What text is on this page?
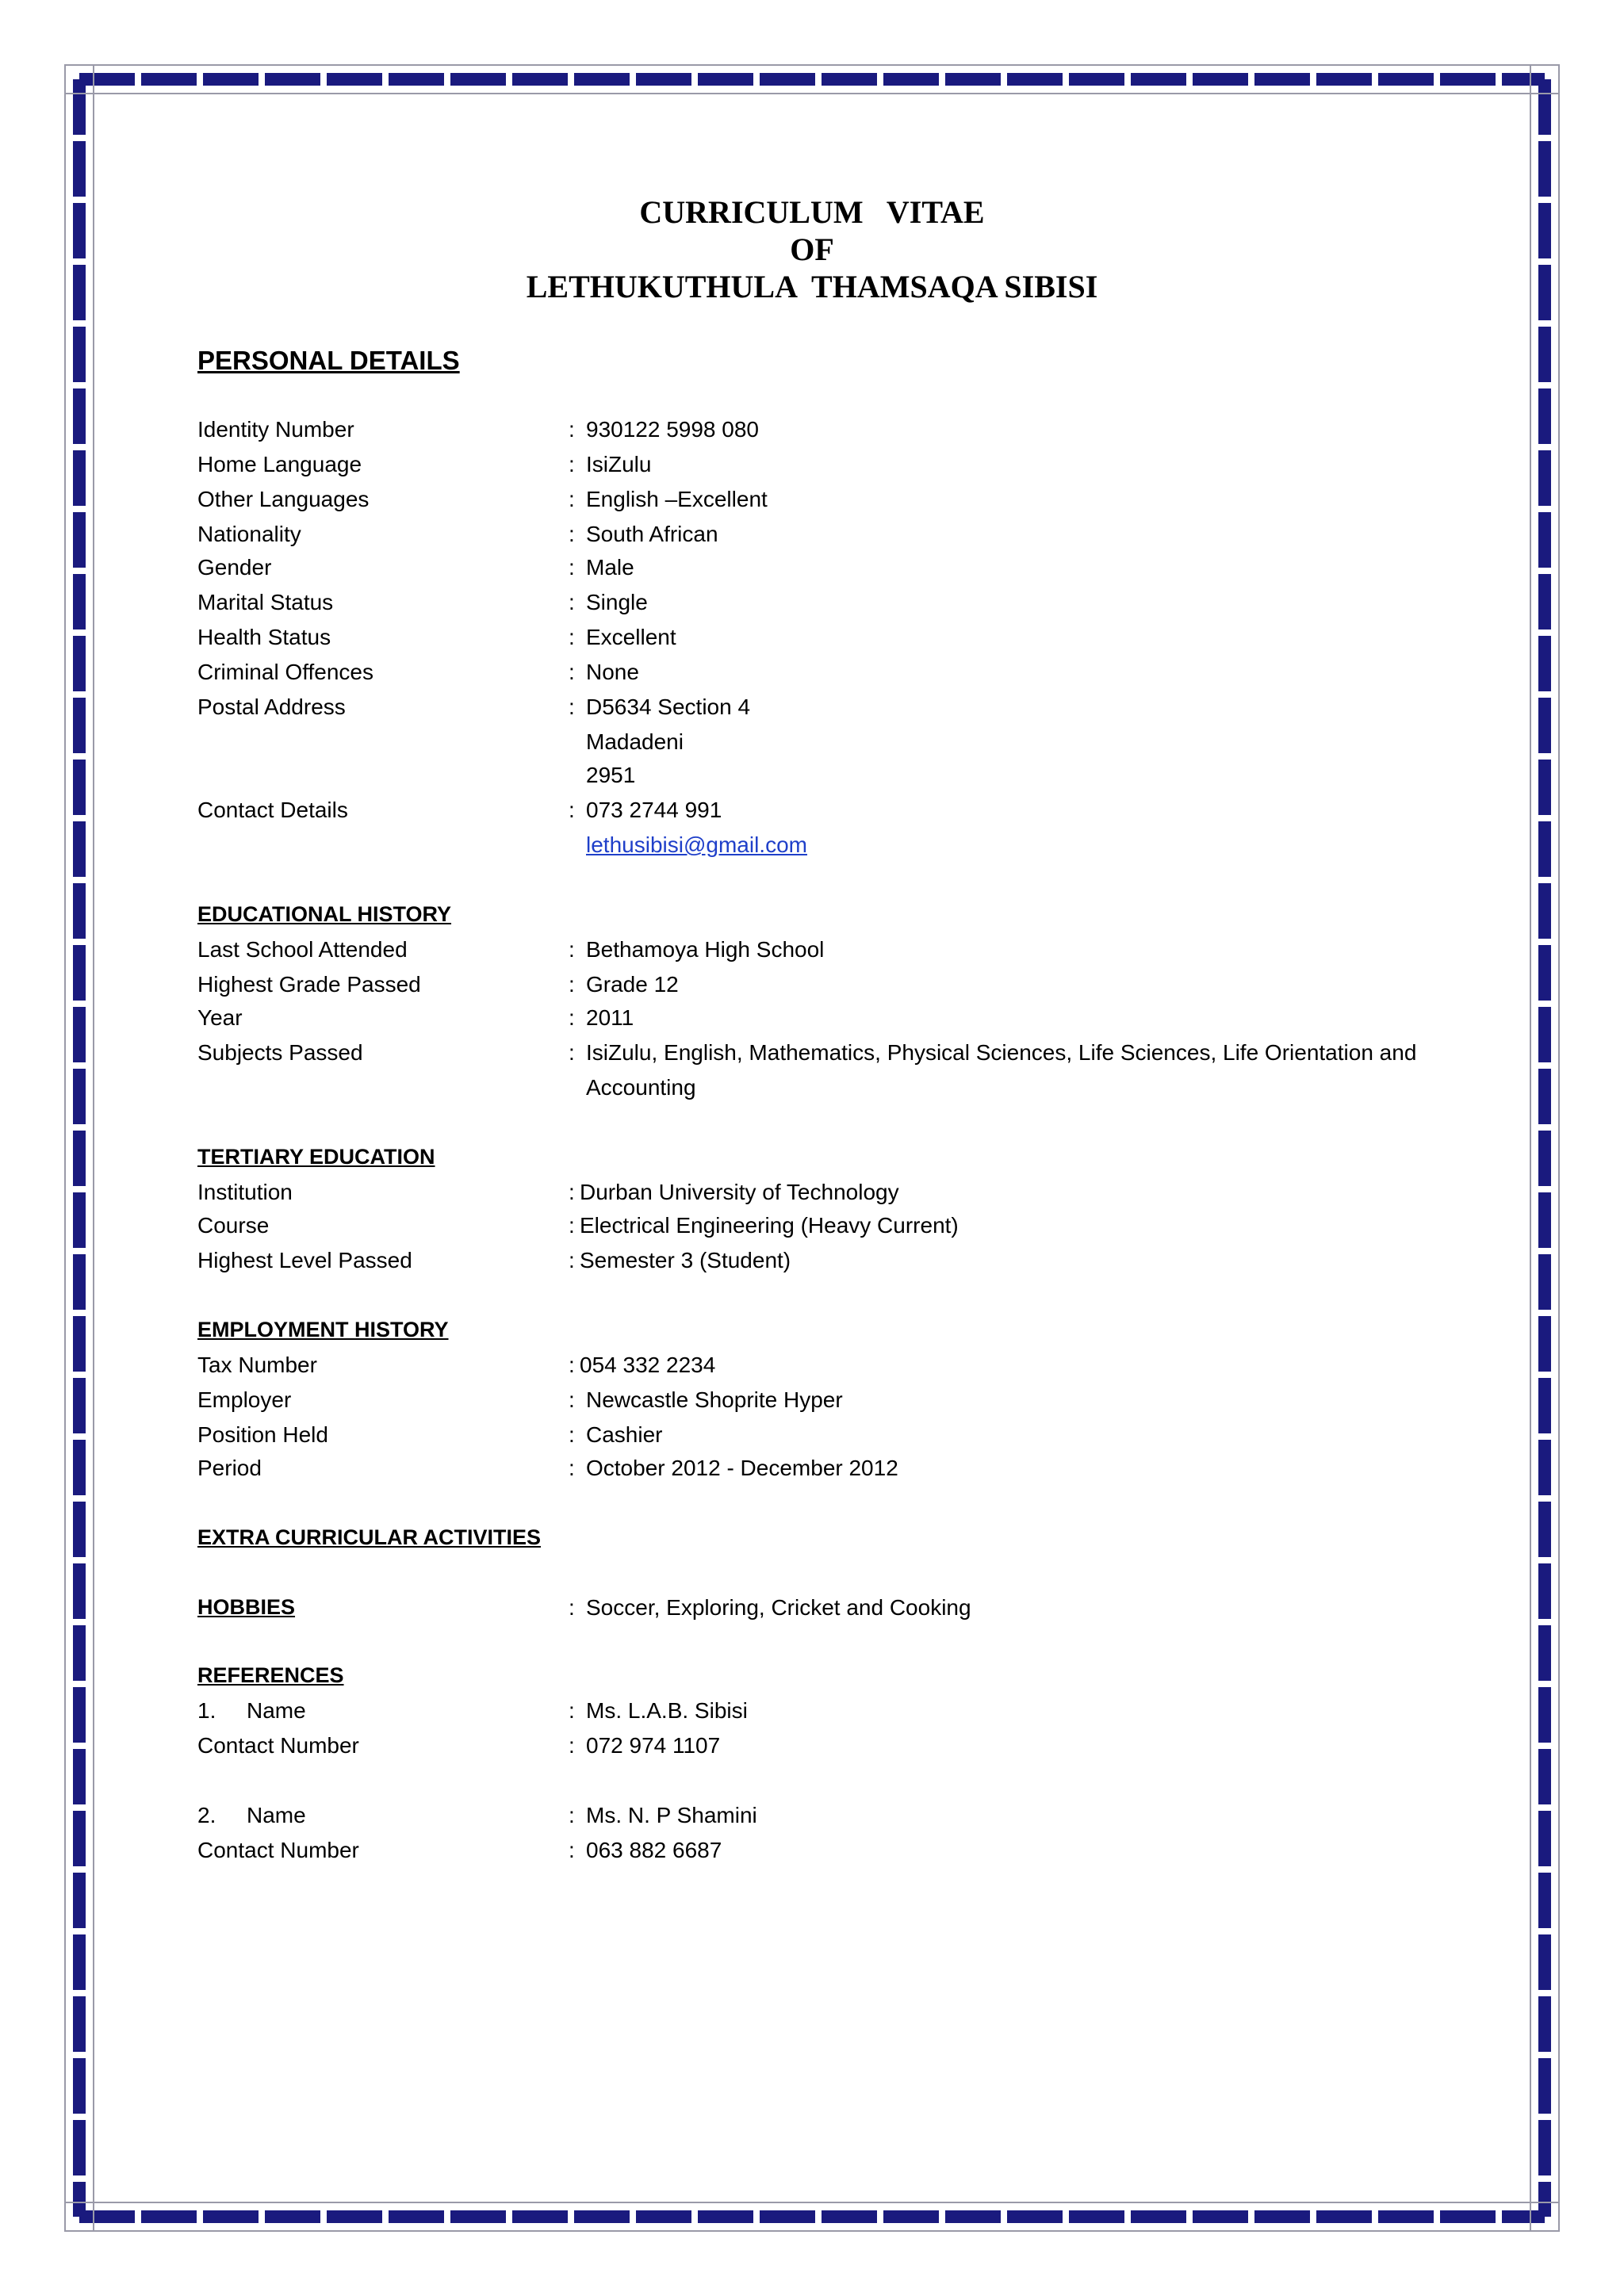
CURRICULUM   VITAE
OF
LETHUKUTHULA  THAMSAQA SIBISI
PERSONAL DETAILS
Identity Number	: 930122 5998 080
Home Language	: IsiZulu
Other Languages	: English –Excellent
Nationality	: South African
Gender	: Male
Marital Status	: Single
Health Status	: Excellent
Criminal Offences	: None
Postal Address	: D5634 Section 4
Madadeni
2951
Contact Details	: 073 2744 991
lethusibisi@gmail.com
EDUCATIONAL HISTORY
Last School Attended	: Bethamoya High School
Highest Grade Passed	: Grade 12
Year	: 2011
Subjects Passed	: IsiZulu, English, Mathematics, Physical Sciences, Life Sciences, Life Orientation and
Accounting
TERTIARY EDUCATION
Institution	: Durban University of Technology
Course	: Electrical Engineering (Heavy Current)
Highest Level Passed	: Semester 3 (Student)
EMPLOYMENT HISTORY
Tax Number	: 054 332 2234
Employer	: Newcastle Shoprite Hyper
Position Held	: Cashier
Period	: October 2012 - December 2012
EXTRA CURRICULAR ACTIVITIES
HOBBIES	: Soccer, Exploring, Cricket and Cooking
REFERENCES
1. Name	: Ms. L.A.B. Sibisi
Contact Number	: 072 974 1107
2. Name	: Ms. N. P Shamini
Contact Number	: 063 882 6687
